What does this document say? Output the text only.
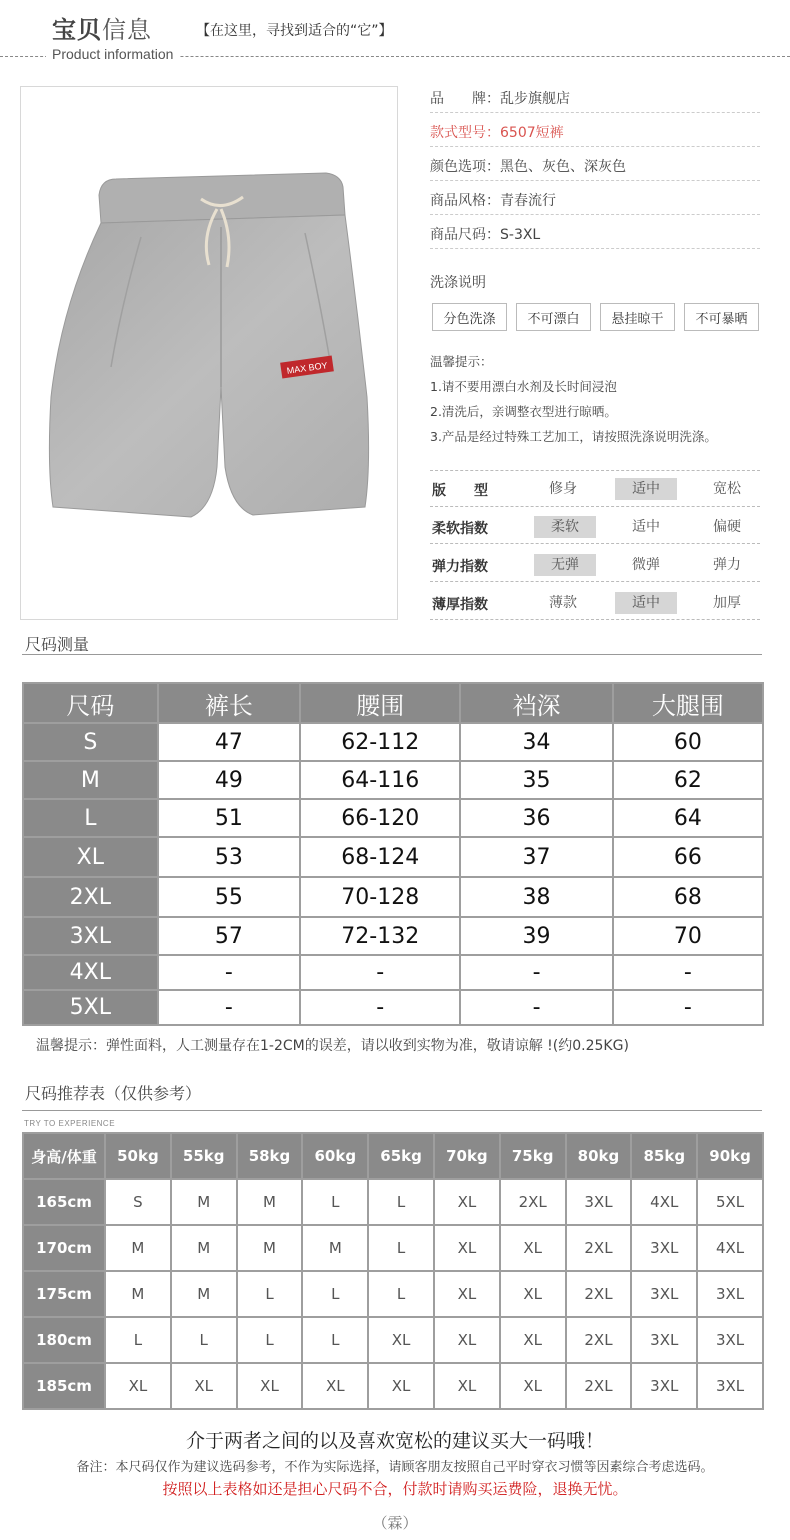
宝贝信息	【在这里，寻找到适合的“它”】
Product information
MAX BOY
品　　牌：乱步旗舰店
款式型号：6507短裤
颜色选项：黑色、灰色、深灰色
商品风格：青春流行
商品尺码：S-3XL
洗涤说明
分色洗涤	不可漂白	悬挂晾干	不可暴晒
温馨提示：
1.请不要用漂白水剂及长时间浸泡
2.清洗后，亲调整衣型进行晾晒。
3.产品是经过特殊工艺加工，请按照洗涤说明洗涤。
版　　型	修身	适中	宽松
柔软指数	柔软	适中	偏硬
弹力指数	无弹	微弹	弹力
薄厚指数	薄款	适中	加厚
尺码测量
尺码	裤长	腰围	裆深	大腿围
S	47	62-112	34	60
M	49	64-116	35	62
L	51	66-120	36	64
XL	53	68-124	37	66
2XL	55	70-128	38	68
3XL	57	72-132	39	70
4XL	-	-	-	-
5XL	-	-	-	-
温馨提示：弹性面料，人工测量存在1-2CM的误差，请以收到实物为准，敬请谅解 !(约0.25KG)
尺码推荐表（仅供参考）
TRY TO EXPERIENCE
身高/体重	50kg	55kg	58kg	60kg	65kg	70kg	75kg	80kg	85kg	90kg
165cm	S	M	M	L	L	XL	2XL	3XL	4XL	5XL
170cm	M	M	M	M	L	XL	XL	2XL	3XL	4XL
175cm	M	M	L	L	L	XL	XL	2XL	3XL	3XL
180cm	L	L	L	L	XL	XL	XL	2XL	3XL	3XL
185cm	XL	XL	XL	XL	XL	XL	XL	2XL	3XL	3XL
介于两者之间的以及喜欢宽松的建议买大一码哦！
备注：本尺码仅作为建议选码参考，不作为实际选择，请顾客朋友按照自己平时穿衣习惯等因素综合考虑选码。
按照以上表格如还是担心尺码不合，付款时请购买运费险，退换无忧。
（霖）
